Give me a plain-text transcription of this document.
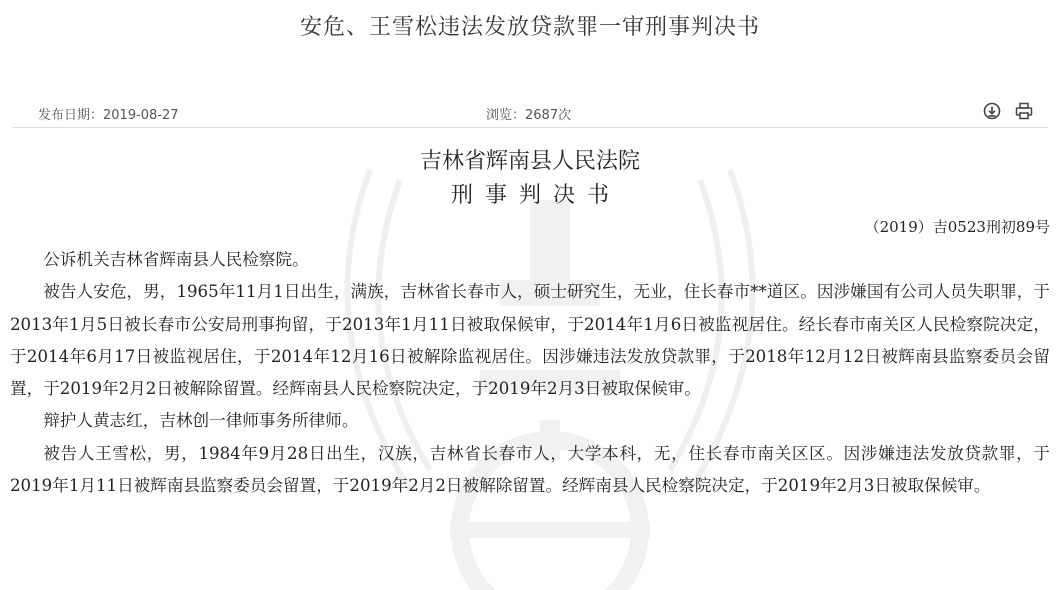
安危、王雪松违法发放贷款罪一审刑事判决书
发布日期：2019-08-27	浏览：2687次
吉林省辉南县人民法院
刑事判决书
（2019）吉0523刑初89号

公诉机关吉林省辉南县人民检察院。

被告人安危，男，1965年11月1日出生，满族，吉林省长春市人，硕士研究生，无业，住长春市**道区。因涉嫌国有公司人员失职罪，于2013年1月5日被长春市公安局刑事拘留，于2013年1月11日被取保候审，于2014年1月6日被监视居住。经长春市南关区人民检察院决定，于2014年6月17日被监视居住，于2014年12月16日被解除监视居住。因涉嫌违法发放贷款罪，于2018年12月12日被辉南县监察委员会留置，于2019年2月2日被解除留置。经辉南县人民检察院决定，于2019年2月3日被取保候审。

辩护人黄志红，吉林创一律师事务所律师。

被告人王雪松，男，1984年9月28日出生，汉族，吉林省长春市人，大学本科，无，住长春市南关区区。因涉嫌违法发放贷款罪，于2019年1月11日被辉南县监察委员会留置，于2019年2月2日被解除留置。经辉南县人民检察院决定，于2019年2月3日被取保候审。
